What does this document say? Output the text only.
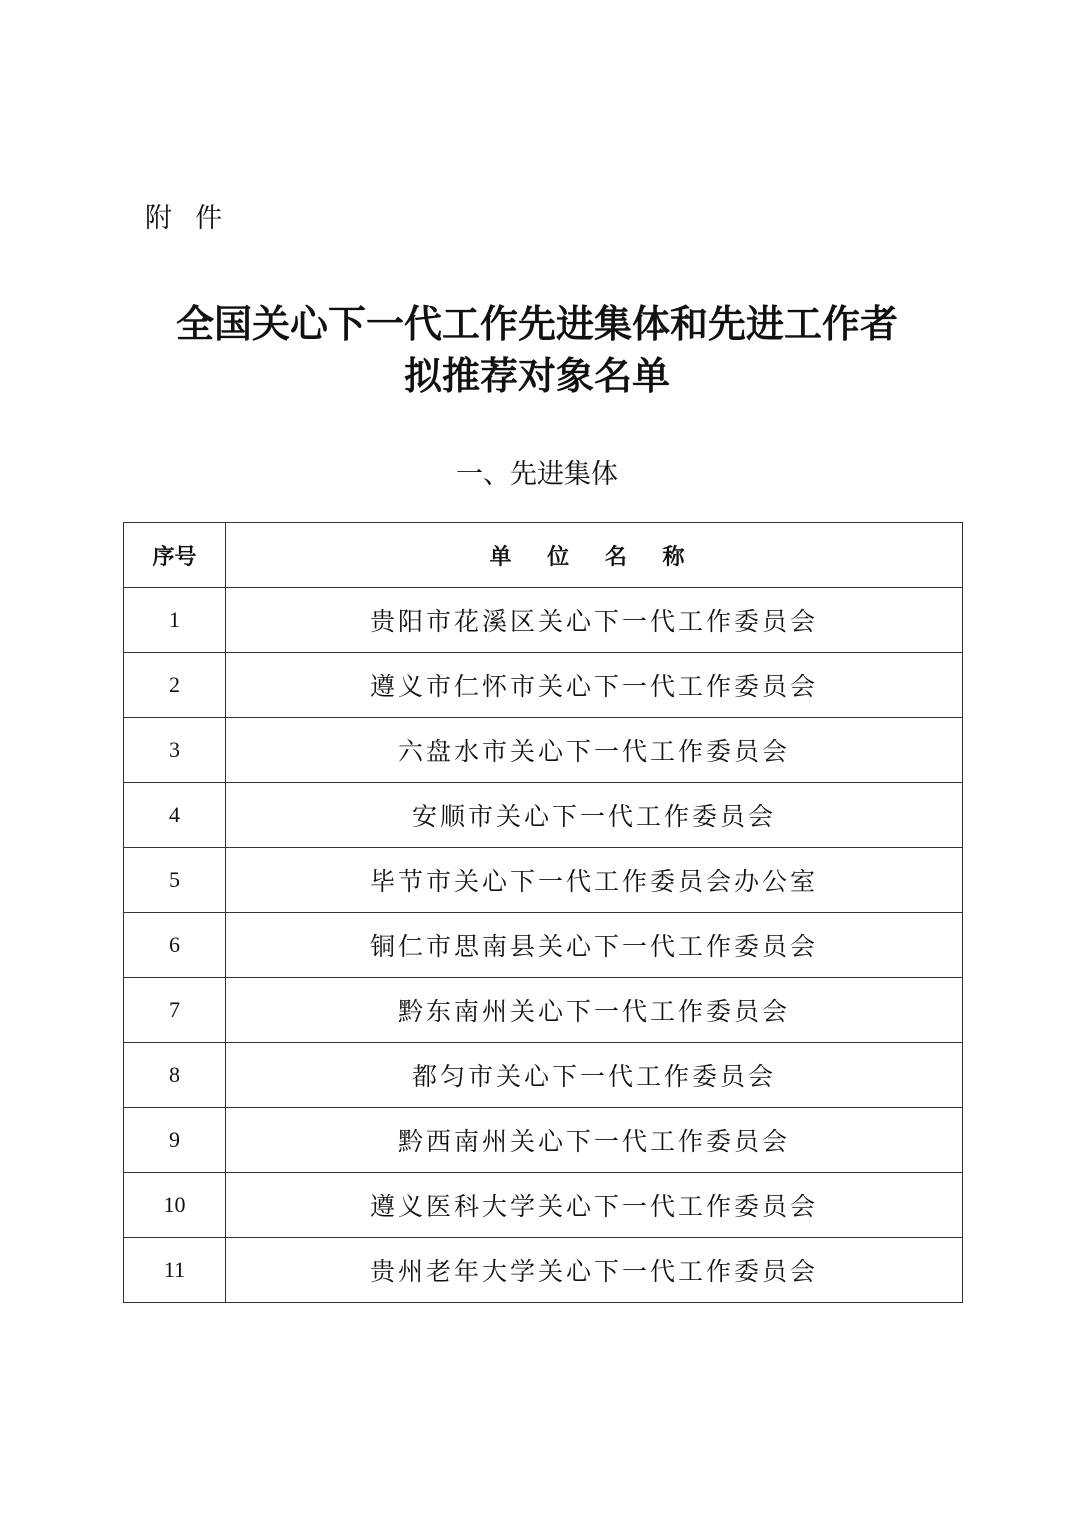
附  件
全国关心下一代工作先进集体和先进工作者
拟推荐对象名单
一、先进集体
序号	单 位 名 称
1	贵阳市花溪区关心下一代工作委员会
2	遵义市仁怀市关心下一代工作委员会
3	六盘水市关心下一代工作委员会
4	安顺市关心下一代工作委员会
5	毕节市关心下一代工作委员会办公室
6	铜仁市思南县关心下一代工作委员会
7	黔东南州关心下一代工作委员会
8	都匀市关心下一代工作委员会
9	黔西南州关心下一代工作委员会
10	遵义医科大学关心下一代工作委员会
11	贵州老年大学关心下一代工作委员会
